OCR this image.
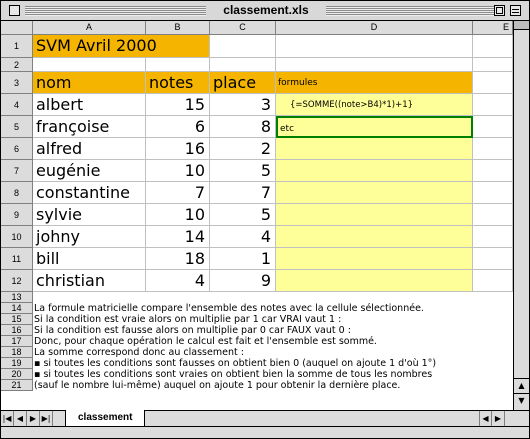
classement.xls
A	B	C	D	E
1
2
3
4
5
6
7
8
9
10
11
12
13
14
15
16
17
18
19
20
21
SVM Avril 2000
nom	notes	place	formules
albert	15	3	{=SOMME((note>B4)*1)+1}
françoise	6	8	etc
alfred	16	2
eugénie	10	5
constantine	7	7
sylvie	10	5
johny	14	4
bill	18	1
christian	4	9
La formule matricielle compare l'ensemble des notes avec la cellule sélectionnée.
Si la condition est vraie alors on multiplie par 1 car VRAI vaut 1 :
Si la condition est fausse alors on multiplie par 0 car FAUX vaut 0 :
Donc, pour chaque opération le calcul est fait et l'ensemble est sommé.
La somme correspond donc au classement :
▪ si toutes les conditions sont fausses on obtient bien 0 (auquel on ajoute 1 d'où 1°)
▪ si toutes les conditions sont vraies on obtient bien la somme de tous les nombres
(sauf le nombre lui-même) auquel on ajoute 1 pour obtenir la dernière place.	▲
▼
|◀ ◀ ▶ ▶|	classement	◀ ▶
